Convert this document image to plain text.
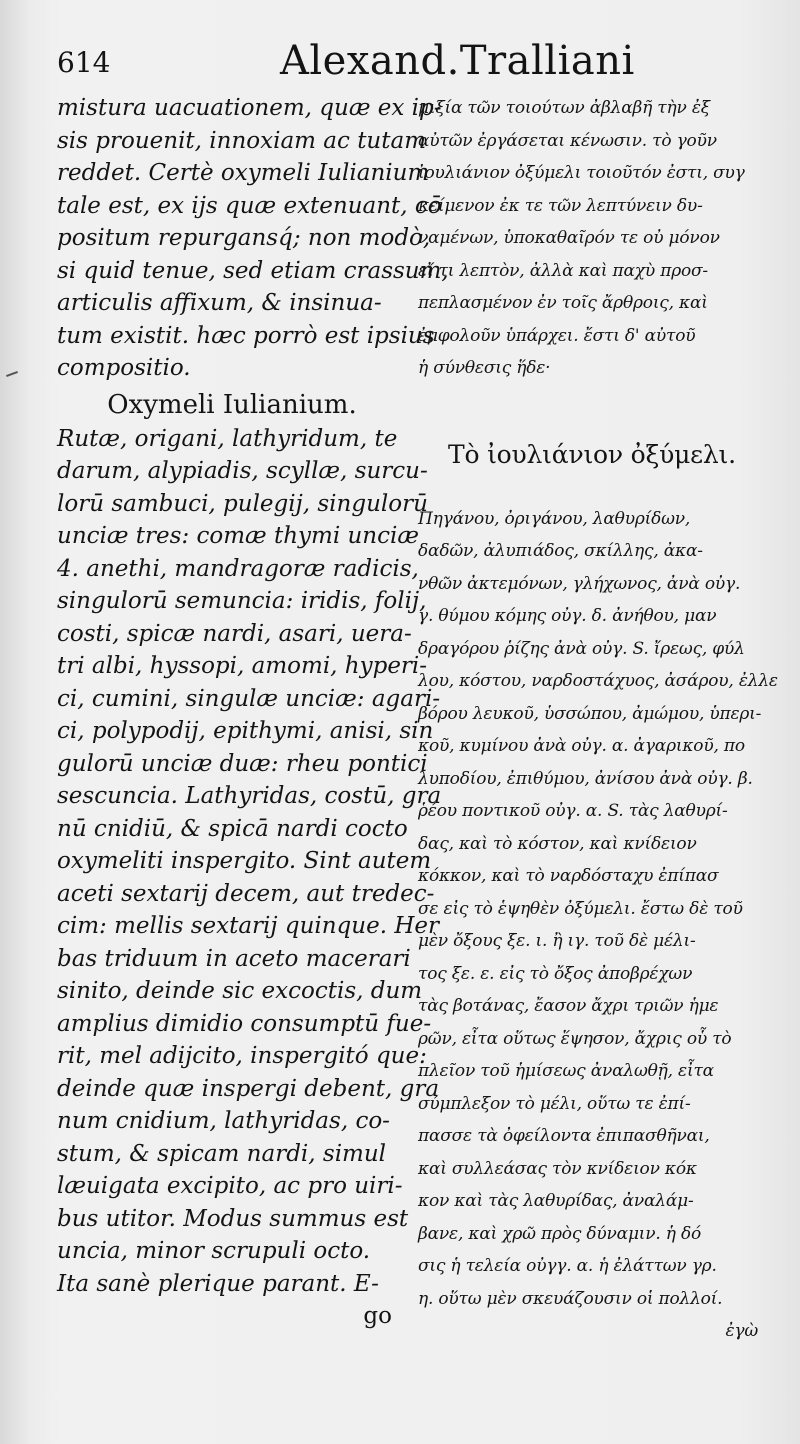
614	Alexand.Tralliani
mistura uacuationem, quæ ex ip-
sis prouenit, innoxiam ac tutam
reddet. Certè oxymeli Iulianium
tale est, ex ijs quæ extenuant, cō
positum repurgansq́; non modò,
si quid tenue, sed etiam crassum,
articulis affixum, & insinua-
tum existit. hæc porrò est ipsius
compositio.
Oxymeli Iulianium.
Rutæ, origani, lathyridum, te
darum, alypiadis, scyllæ, surcu-
lorū sambuci, pulegij, singulorū
unciæ tres: comæ thymi unciæ
4. anethi, mandragoræ radicis,
singulorū semuncia: iridis, folij,
costi, spicæ nardi, asari, uera-
tri albi, hyssopi, amomi, hyperi-
ci, cumini, singulæ unciæ: agari-
ci, polypodij, epithymi, anisi, sin
gulorū unciæ duæ: rheu pontici
sescuncia. Lathyridas, costū, gra
nū cnidiū, & spicā nardi cocto
oxymeliti inspergito. Sint autem
aceti sextarij decem, aut tredec-
cim: mellis sextarij quinque. Her
bas triduum in aceto macerari
sinito, deinde sic excoctis, dum
amplius dimidio consumptū fue-
rit, mel adijcito, inspergitó que:
deinde quæ inspergi debent, gra
num cnidium, lathyridas, co-
stum, & spicam nardi, simul
læuigata excipito, ac pro uiri-
bus utitor. Modus summus est
uncia, minor scrupuli octo.
Ita sanè plerique parant. E-
go
μιξία τῶν τοιούτων ἀβλαβῆ τὴν ἐξ
αὐτῶν ἐργάσεται κένωσιν. τὸ γοῦν
ἰουλιάνιον ὀξύμελι τοιοῦτόν ἐστι, συγ
κείμενον ἐκ τε τῶν λεπτύνειν δυ-
ναμένων, ὑποκαθαῖρόν τε οὐ μόνον
εἴ τι λεπτὸν, ἀλλὰ καὶ παχὺ προσ-
πεπλασμένον ἐν τοῖς ἄρθροις, καὶ
ἐμφολοῦν ὑπάρχει. ἔστι δ' αὐτοῦ
ἡ σύνθεσις ἥδε·
Τὸ ἰουλιάνιον ὀξύμελι.
Πηγάνου, ὀριγάνου, λαθυρίδων,
δαδῶν, ἀλυπιάδος, σκίλλης, ἀκα-
νθῶν ἀκτεμόνων, γλήχωνος, ἀνὰ οὐγ.
γ. θύμου κόμης οὐγ. δ. ἀνήθου, μαν
δραγόρου ῥίζης ἀνὰ οὐγ. S. ἴρεως, φύλ
λου, κόστου, ναρδοστάχυος, ἀσάρου, ἐλλε
βόρου λευκοῦ, ὑσσώπου, ἀμώμου, ὑπερι-
κοῦ, κυμίνου ἀνὰ οὐγ. α. ἀγαρικοῦ, πο
λυποδίου, ἐπιθύμου, ἀνίσου ἀνὰ οὐγ. β.
ῥέου ποντικοῦ οὐγ. α. S. τὰς λαθυρί-
δας, καὶ τὸ κόστον, καὶ κνίδειον
κόκκον, καὶ τὸ ναρδόσταχυ ἐπίπασ
σε εἰς τὸ ἑψηθὲν ὀξύμελι. ἔστω δὲ τοῦ
μὲν ὄξους ξε. ι. ἢ ιγ. τοῦ δὲ μέλι-
τος ξε. ε. εἰς τὸ ὄξος ἀποβρέχων
τὰς βοτάνας, ἔασον ἄχρι τριῶν ἡμε
ρῶν, εἶτα οὕτως ἕψησον, ἄχρις οὗ τὸ
πλεῖον τοῦ ἡμίσεως ἀναλωθῇ, εἶτα
σύμπλεξον τὸ μέλι, οὕτω τε ἐπί-
πασσε τὰ ὀφείλοντα ἐπιπασθῆναι,
καὶ συλλεάσας τὸν κνίδειον κόκ
κον καὶ τὰς λαθυρίδας, ἀναλάμ-
βανε, καὶ χρῶ πρὸς δύναμιν. ἡ δό
σις ἡ τελεία οὐγγ. α. ἡ ἐλάττων γρ.
η. οὕτω μὲν σκευάζουσιν οἱ πολλοί.
ἐγὼ
